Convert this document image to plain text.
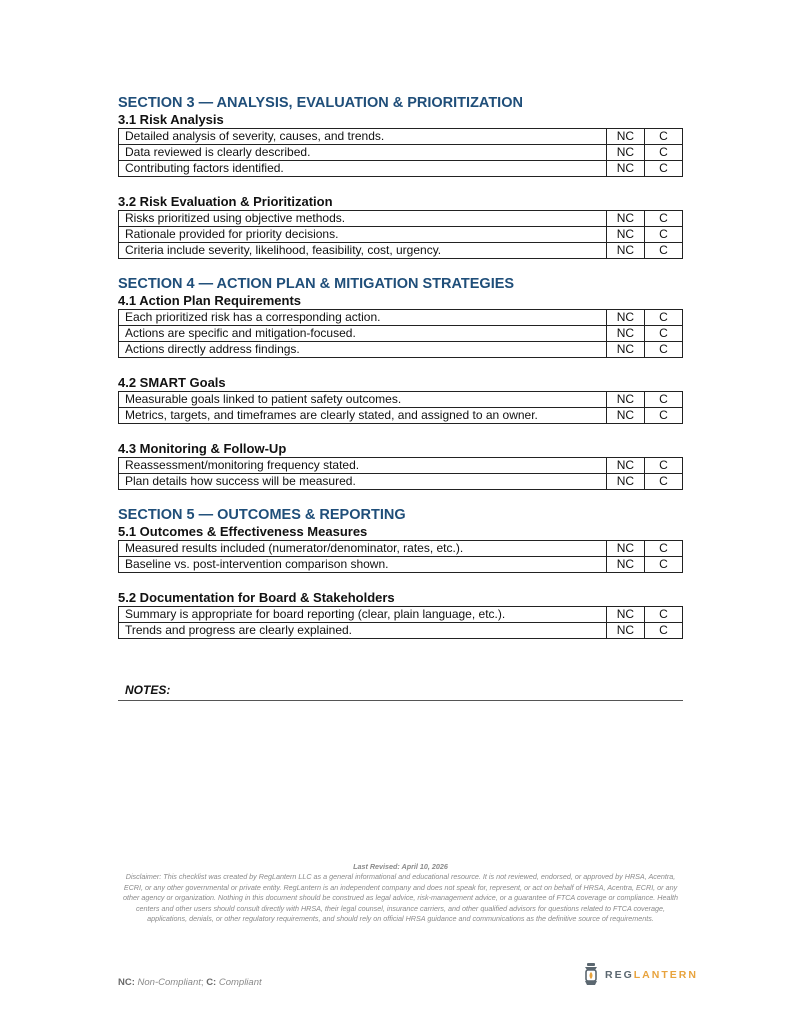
SECTION 3 — ANALYSIS, EVALUATION & PRIORITIZATION
3.1 Risk Analysis
Detailed analysis of severity, causes, and trends.	NC	C
Data reviewed is clearly described.	NC	C
Contributing factors identified.	NC	C
3.2 Risk Evaluation & Prioritization
Risks prioritized using objective methods.	NC	C
Rationale provided for priority decisions.	NC	C
Criteria include severity, likelihood, feasibility, cost, urgency.	NC	C
SECTION 4 — ACTION PLAN & MITIGATION STRATEGIES
4.1 Action Plan Requirements
Each prioritized risk has a corresponding action.	NC	C
Actions are specific and mitigation-focused.	NC	C
Actions directly address findings.	NC	C
4.2 SMART Goals
Measurable goals linked to patient safety outcomes.	NC	C
Metrics, targets, and timeframes are clearly stated, and assigned to an owner.	NC	C
4.3 Monitoring & Follow-Up
Reassessment/monitoring frequency stated.	NC	C
Plan details how success will be measured.	NC	C
SECTION 5 — OUTCOMES & REPORTING
5.1 Outcomes & Effectiveness Measures
Measured results included (numerator/denominator, rates, etc.).	NC	C
Baseline vs. post-intervention comparison shown.	NC	C
5.2 Documentation for Board & Stakeholders
Summary is appropriate for board reporting (clear, plain language, etc.).	NC	C
Trends and progress are clearly explained.	NC	C
NOTES:
Last Revised: April 10, 2026
Disclaimer: This checklist was created by RegLantern LLC as a general informational and educational resource. It is not reviewed, endorsed, or approved by HRSA, Acentra, ECRI, or any other governmental or private entity. RegLantern is an independent company and does not speak for, represent, or act on behalf of HRSA, Acentra, ECRI, or any other agency or organization. Nothing in this document should be construed as legal advice, risk-management advice, or a guarantee of FTCA coverage or compliance. Health centers and other users should consult directly with HRSA, their legal counsel, insurance carriers, and other qualified advisors for questions related to FTCA coverage, applications, denials, or other regulatory requirements, and should rely on official HRSA guidance and communications as the definitive source of requirements.
NC: Non-Compliant; C: Compliant
REGLANTERN
